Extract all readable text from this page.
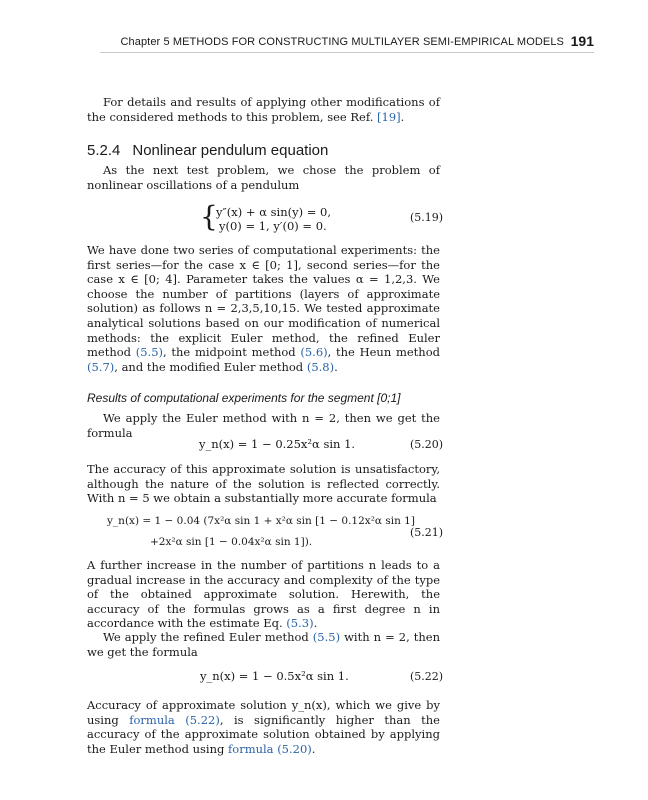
Chapter 5 METHODS FOR CONSTRUCTING MULTILAYER SEMI-EMPIRICAL MODELS 191

For details and results of applying other modifications of the considered methods to this problem, see Ref. [19].

5.2.4 Nonlinear pendulum equation

As the next test problem, we chose the problem of nonlinear oscillations of a pendulum

{
y″(x) + α sin(y) = 0,
y(0) = 1, y′(0) = 0.
(5.19)

We have done two series of computational experiments: the first series—for the case x ∈ [0; 1], second series—for the case x ∈ [0; 4]. Parameter takes the values α = 1,2,3. We choose the number of partitions (layers of approximate solution) as follows n = 2,3,5,10,15. We tested approximate analytical solutions based on our modification of numerical methods: the explicit Euler method, the refined Euler method (5.5), the midpoint method (5.6), the Heun method (5.7), and the modified Euler method (5.8).

Results of computational experiments for the segment [0;1]

We apply the Euler method with n = 2, then we get the formula

y_n(x) = 1 − 0.25x²α sin 1.	(5.20)

The accuracy of this approximate solution is unsatisfactory, although the nature of the solution is reflected correctly. With n = 5 we obtain a substantially more accurate formula

y_n(x) = 1 − 0.04 (7x²α sin 1 + x²α sin [1 − 0.12x²α sin 1]
+2x²α sin [1 − 0.04x²α sin 1]).
(5.21)

A further increase in the number of partitions n leads to a gradual increase in the accuracy and complexity of the type of the obtained approximate solution. Herewith, the accuracy of the formulas grows as a first degree n in accordance with the estimate Eq. (5.3).

We apply the refined Euler method (5.5) with n = 2, then we get the formula

y_n(x) = 1 − 0.5x²α sin 1.	(5.22)

Accuracy of approximate solution y_n(x), which we give by using formula (5.22), is significantly higher than the accuracy of the approximate solution obtained by applying the Euler method using formula (5.20).
